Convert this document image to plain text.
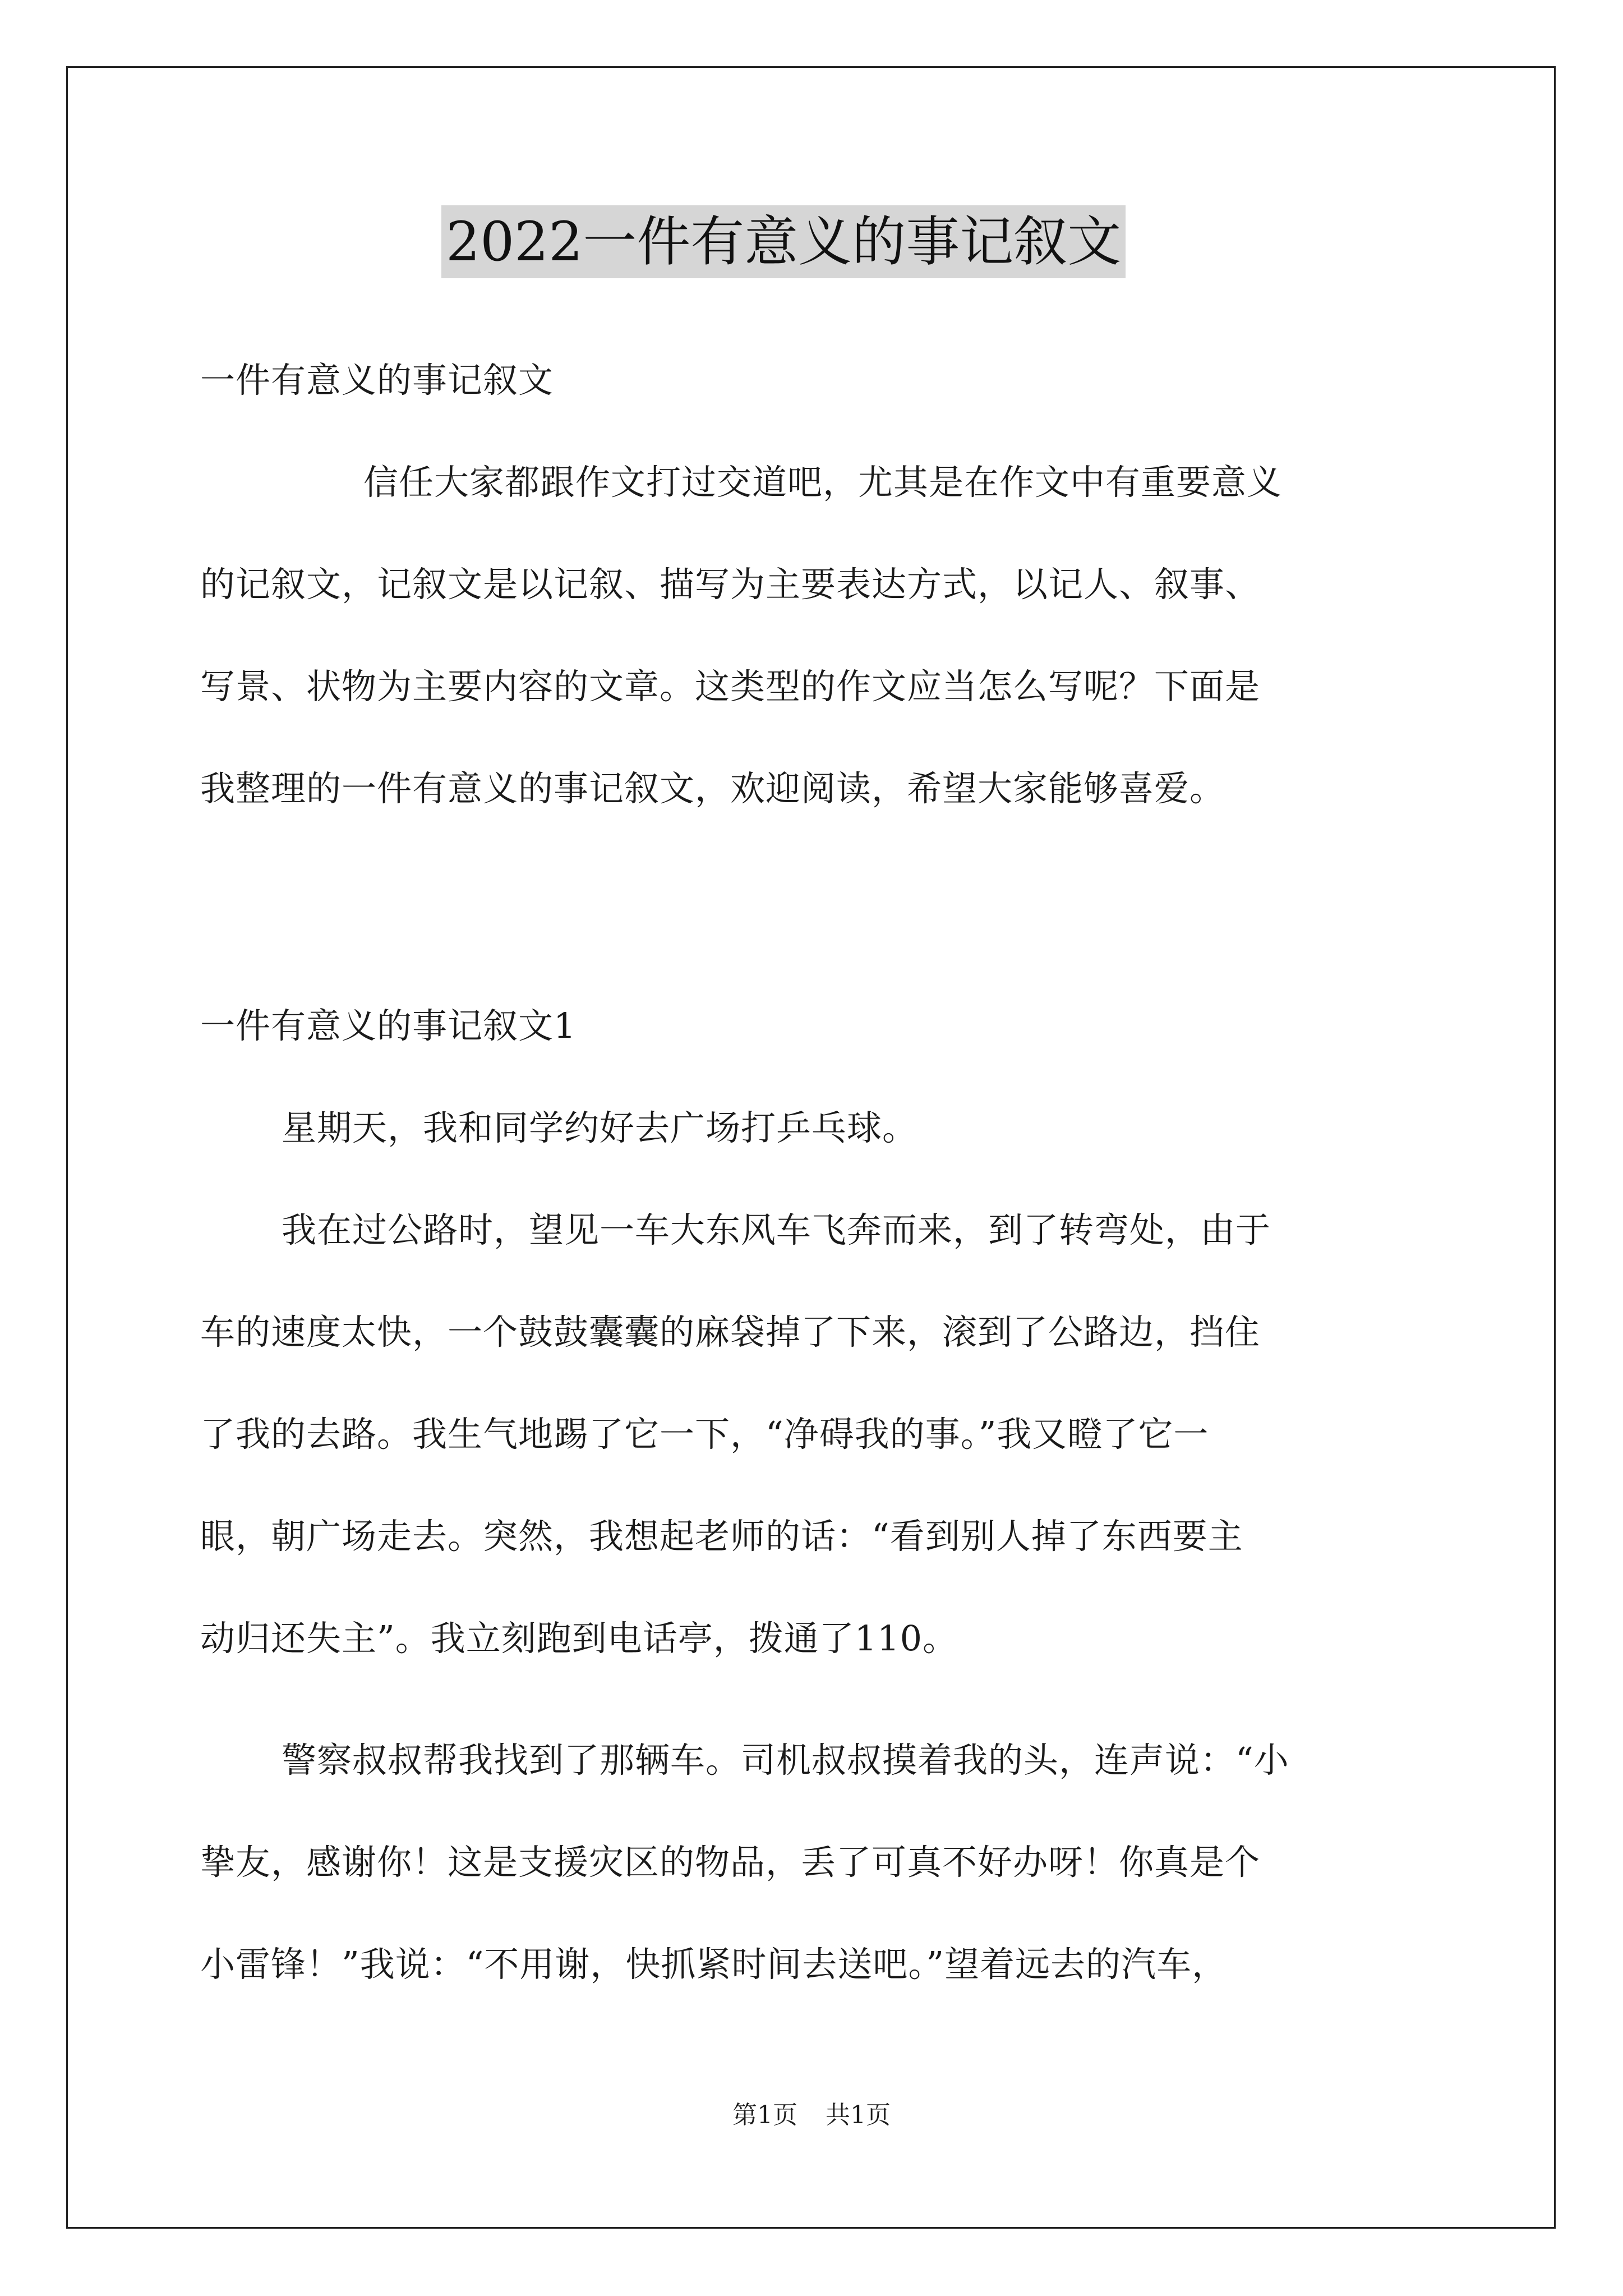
2022一件有意义的事记叙文
一件有意义的事记叙文
信任大家都跟作文打过交道吧，尤其是在作文中有重要意义
的记叙文，记叙文是以记叙、描写为主要表达方式，以记人、叙事、
写景、状物为主要内容的文章。这类型的作文应当怎么写呢？下面是
我整理的一件有意义的事记叙文，欢迎阅读，希望大家能够喜爱。
一件有意义的事记叙文1
星期天，我和同学约好去广场打乒乓球。
我在过公路时，望见一车大东风车飞奔而来，到了转弯处，由于
车的速度太快，一个鼓鼓囊囊的麻袋掉了下来，滚到了公路边，挡住
了我的去路。我生气地踢了它一下，“净碍我的事。”我又瞪了它一
眼，朝广场走去。突然，我想起老师的话：“看到别人掉了东西要主
动归还失主”。我立刻跑到电话亭，拨通了110。
警察叔叔帮我找到了那辆车。司机叔叔摸着我的头，连声说：“小
挚友，感谢你！这是支援灾区的物品，丢了可真不好办呀！你真是个
小雷锋！”我说：“不用谢，快抓紧时间去送吧。”望着远去的汽车，
第1页 共1页
